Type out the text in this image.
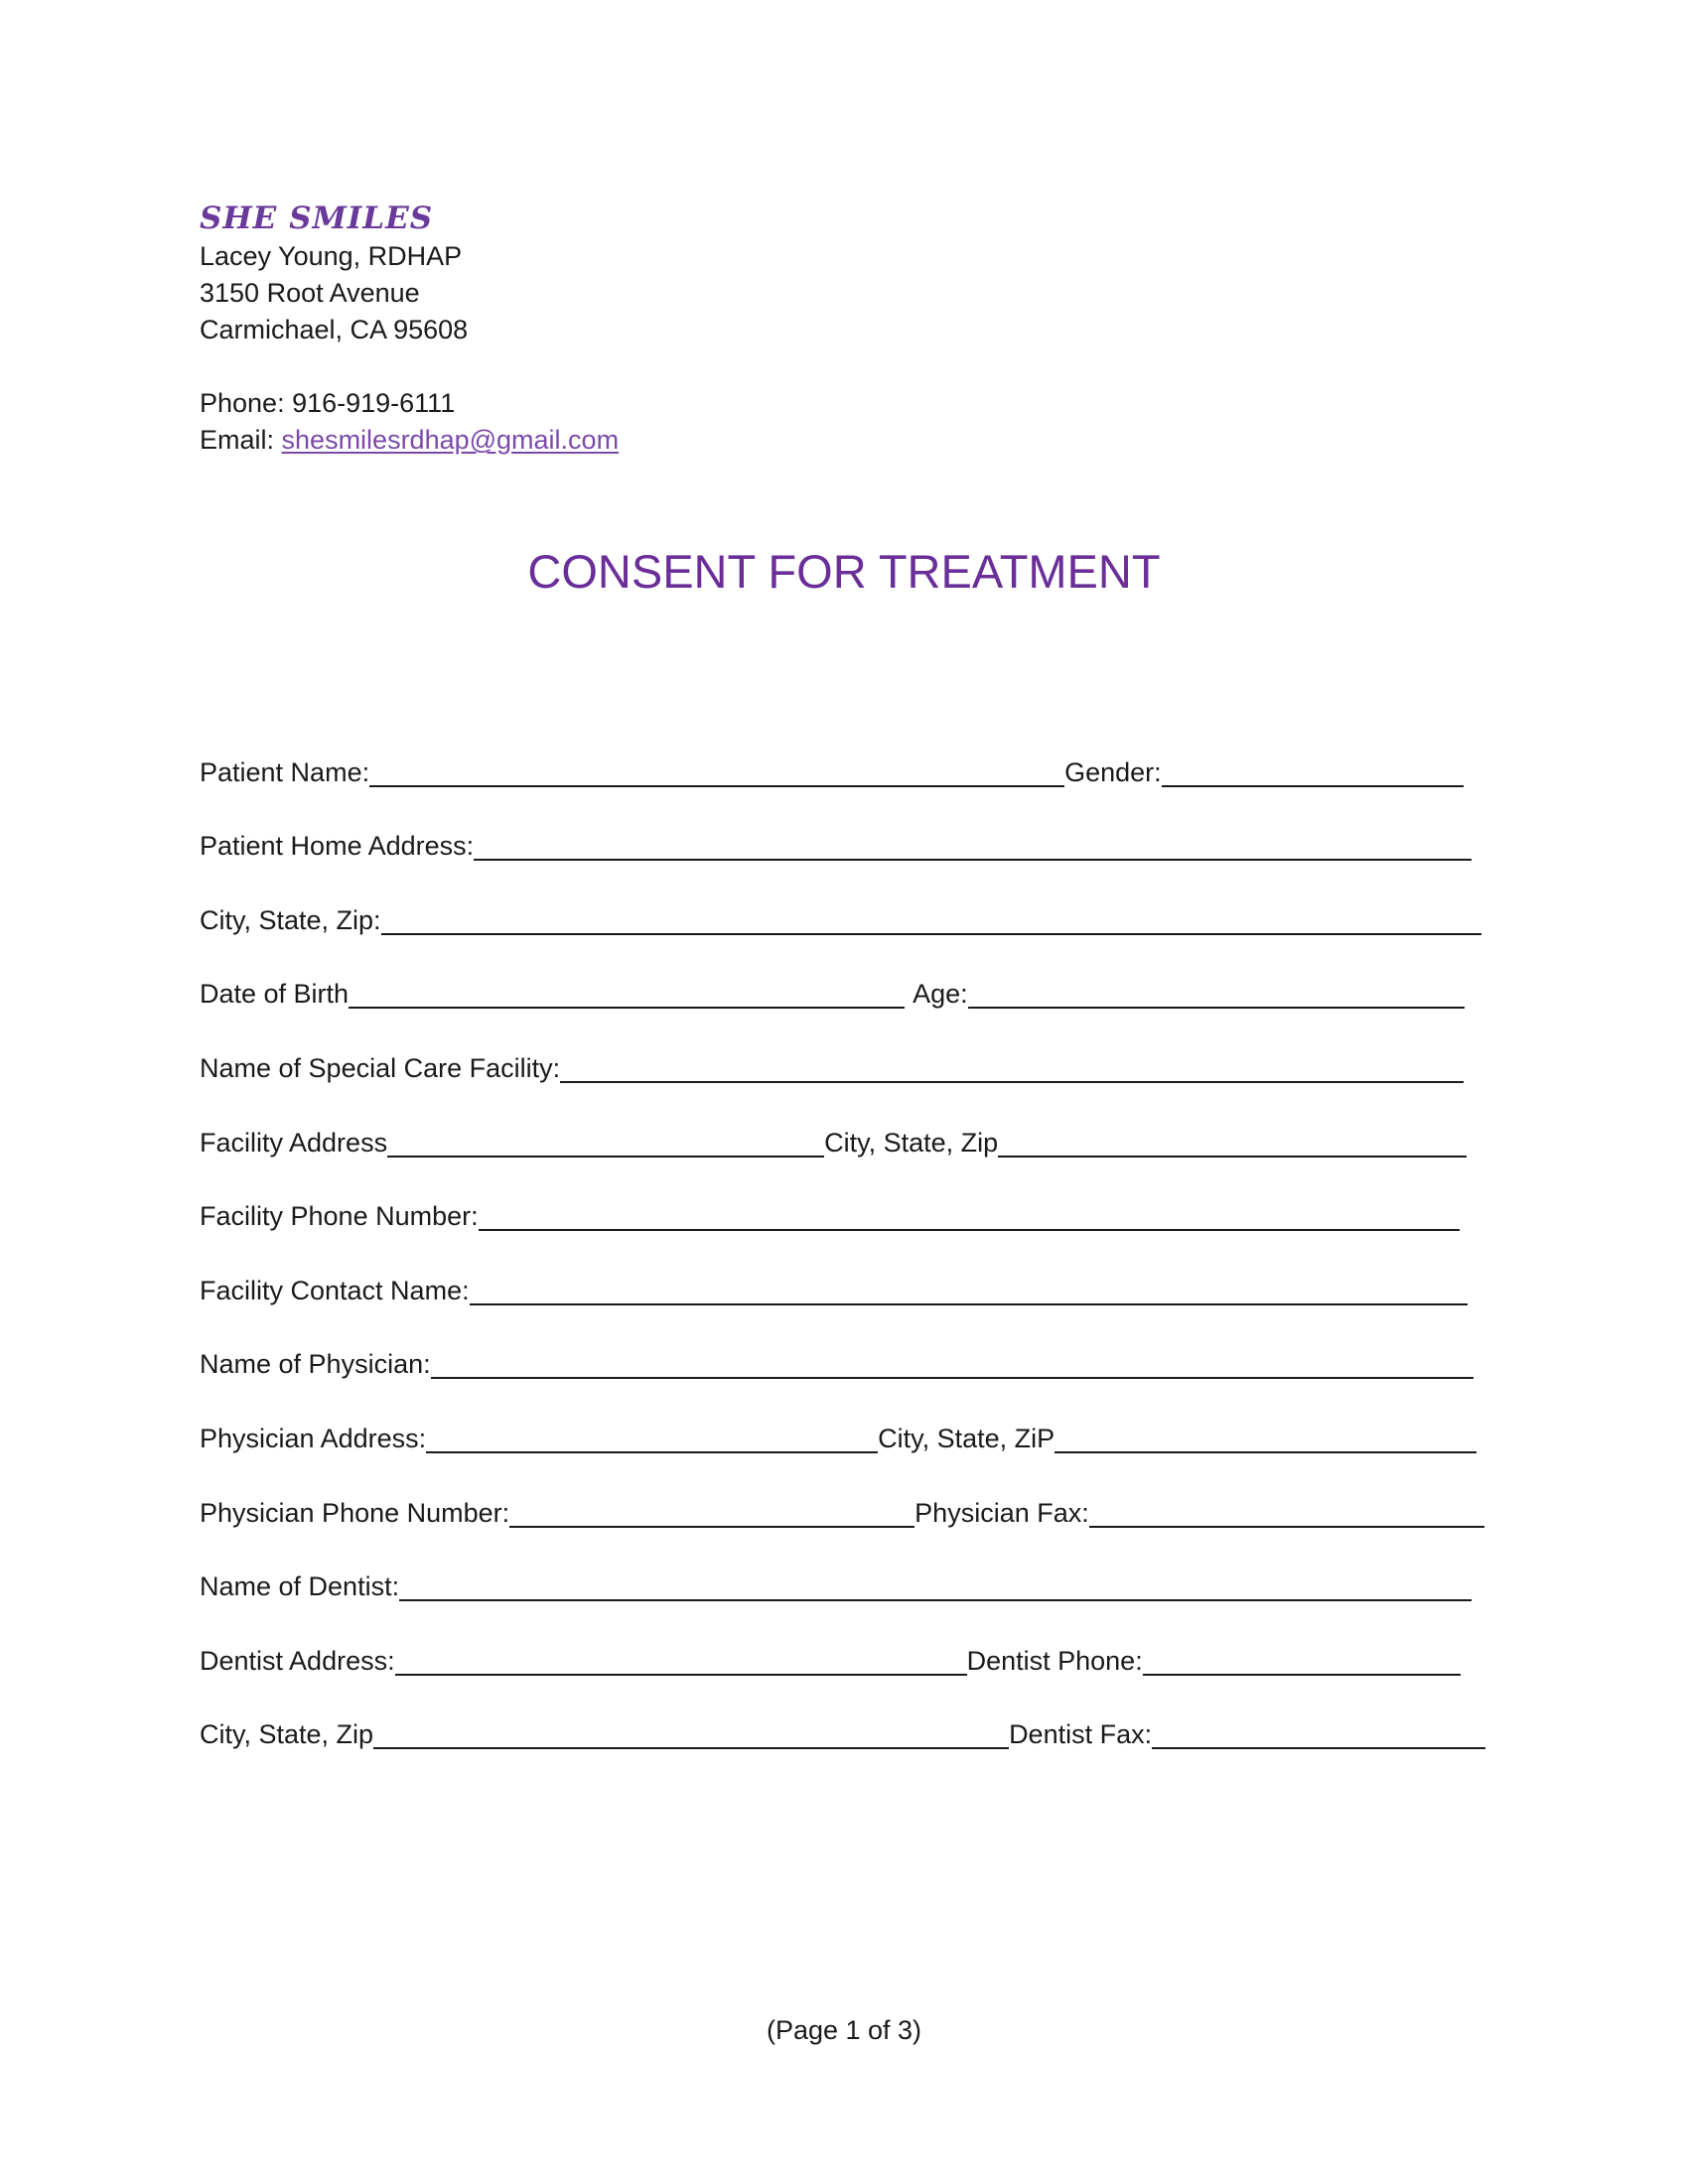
SHE SMILES
Lacey Young, RDHAP
3150 Root Avenue
Carmichael, CA 95608
Phone: 916-919-6111
Email: shesmilesrdhap@gmail.com
CONSENT FOR TREATMENT
Patient Name:	Gender:
Patient Home Address:
City, State, Zip:
Date of Birth	Age:
Name of Special Care Facility:
Facility Address	City, State, Zip
Facility Phone Number:
Facility Contact Name:
Name of Physician:
Physician Address:	City, State, ZiP
Physician Phone Number:	Physician Fax:
Name of Dentist:
Dentist Address:	Dentist Phone:
City, State, Zip	Dentist Fax:
(Page 1 of 3)
